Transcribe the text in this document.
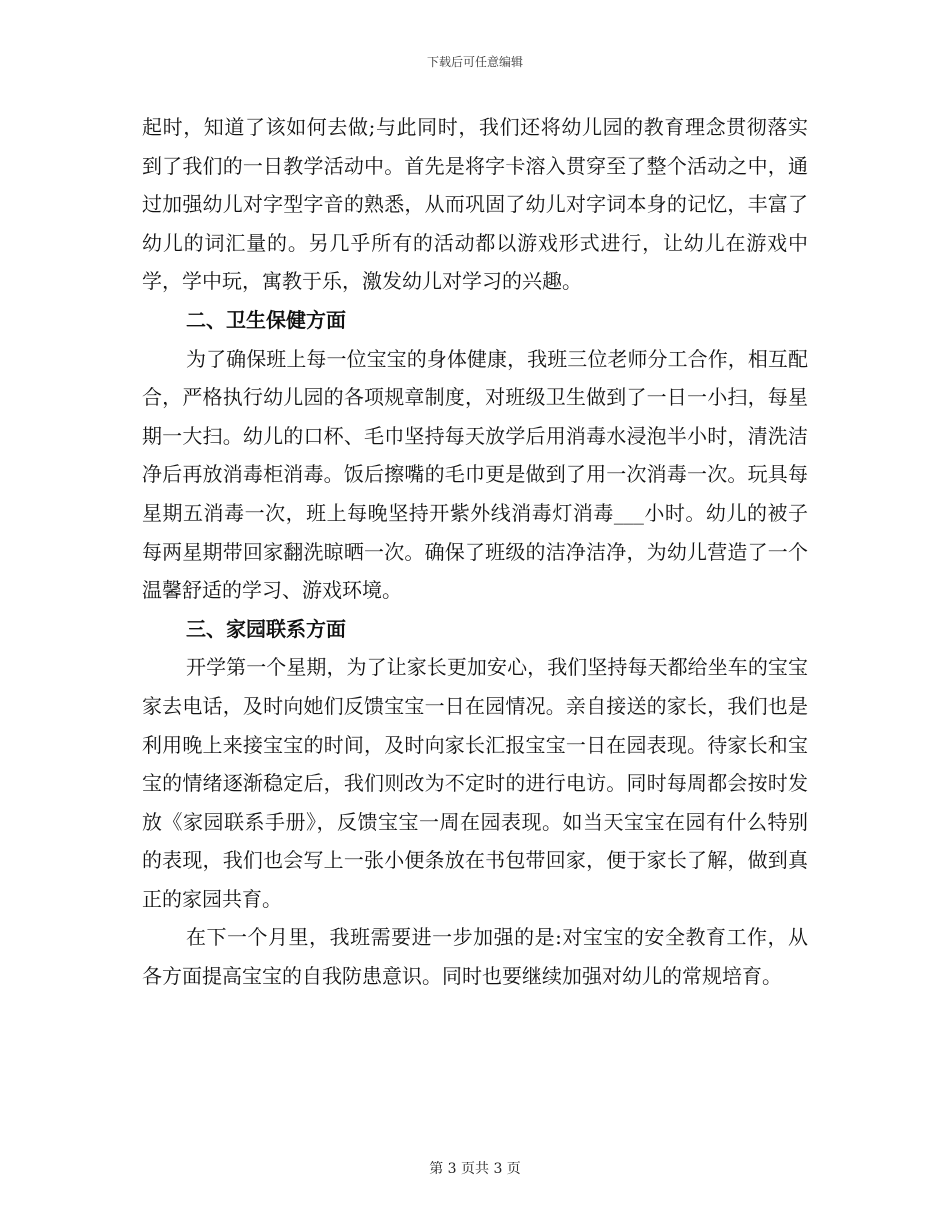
下载后可任意编辑

起时，知道了该如何去做;与此同时，我们还将幼儿园的教育理念贯彻落实到了我们的一日教学活动中。首先是将字卡溶入贯穿至了整个活动之中，通过加强幼儿对字型字音的熟悉，从而巩固了幼儿对字词本身的记忆，丰富了幼儿的词汇量的。另几乎所有的活动都以游戏形式进行，让幼儿在游戏中学，学中玩，寓教于乐，激发幼儿对学习的兴趣。

二、卫生保健方面

为了确保班上每一位宝宝的身体健康，我班三位老师分工合作，相互配合，严格执行幼儿园的各项规章制度，对班级卫生做到了一日一小扫，每星期一大扫。幼儿的口杯、毛巾坚持每天放学后用消毒水浸泡半小时，清洗洁净后再放消毒柜消毒。饭后擦嘴的毛巾更是做到了用一次消毒一次。玩具每星期五消毒一次，班上每晚坚持开紫外线消毒灯消毒___小时。幼儿的被子每两星期带回家翻洗晾晒一次。确保了班级的洁净洁净，为幼儿营造了一个温馨舒适的学习、游戏环境。

三、家园联系方面

开学第一个星期，为了让家长更加安心，我们坚持每天都给坐车的宝宝家去电话，及时向她们反馈宝宝一日在园情况。亲自接送的家长，我们也是利用晚上来接宝宝的时间，及时向家长汇报宝宝一日在园表现。待家长和宝宝的情绪逐渐稳定后，我们则改为不定时的进行电访。同时每周都会按时发放《家园联系手册》，反馈宝宝一周在园表现。如当天宝宝在园有什么特别的表现，我们也会写上一张小便条放在书包带回家，便于家长了解，做到真正的家园共育。

在下一个月里，我班需要进一步加强的是:对宝宝的安全教育工作，从各方面提高宝宝的自我防患意识。同时也要继续加强对幼儿的常规培育。

第 3 页共 3 页
